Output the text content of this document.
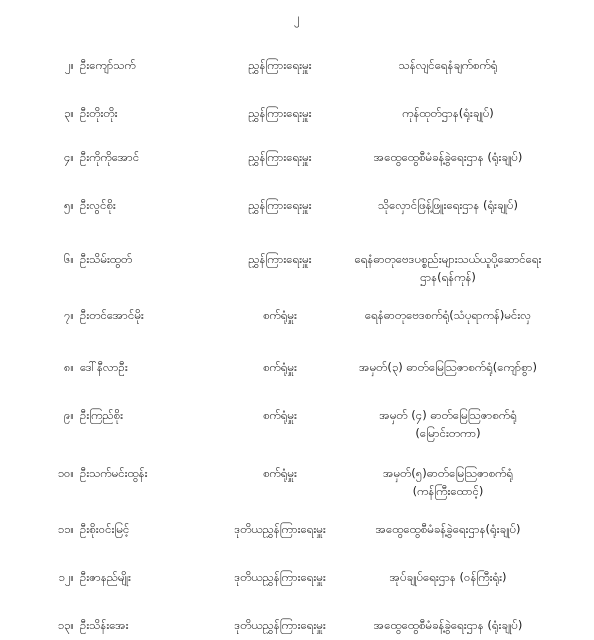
၂
၂။ ဦးကျော်သက်	ညွှန်ကြားရေးမှူး	သန်လျင်ရေနံချက်စက်ရုံ
၃။ ဦးတိုးတိုး	ညွှန်ကြားရေးမှူး	ကုန်ထုတ်ဌာန(ရုံးချုပ်)
၄။ ဦးကိုကိုအောင်	ညွှန်ကြားရေးမှူး	အထွေထွေစီမံခန့်ခွဲရေးဌာန (ရုံးချုပ်)
၅။ ဦးလွင်စိုး	ညွှန်ကြားရေးမှူး	သိုလှောင်ဖြန့်ဖြူးရေးဌာန (ရုံးချုပ်)
၆။ ဦးသိမ်းထွတ်	ညွှန်ကြားရေးမှူး	ရေနံဓာတုဗေဒပစ္စည်းများသယ်ယူပို့ဆောင်ရေး
ဌာန(ရန်ကုန်)
၇။ ဦးတင်အောင်မိုး	စက်ရုံမှူး	ရေနံဓာတုဗေဒစက်ရုံ(သံပုရာကန်)မင်းလှ
၈။ ဒေါ်နီလာဦး	စက်ရုံမှူး	အမှတ်(၃) ဓာတ်မြေဩဇာစက်ရုံ(ကျော်စွာ)
၉။ ဦးကြည်စိုး	စက်ရုံမှူး	အမှတ် (၄) ဓာတ်မြေဩဇာစက်ရုံ
(မြောင်းတကာ)
၁၀။ ဦးသက်မင်းထွန်း	စက်ရုံမှူး	အမှတ်(၅)ဓာတ်မြေဩဇာစက်ရုံ
(ကန်ကြီးထောင့်)
၁၁။ ဦးစိုးဝင်းမြင့်	ဒုတိယညွှန်ကြားရေးမှူး	အထွေထွေစီမံခန့်ခွဲရေးဌာန(ရုံးချုပ်)
၁၂။ ဦးဇာနည်မျိုး	ဒုတိယညွှန်ကြားရေးမှူး	အုပ်ချုပ်ရေးဌာန (ဝန်ကြီးရုံး)
၁၃။ ဦးသိန်းအေး	ဒုတိယညွှန်ကြားရေးမှူး	အထွေထွေစီမံခန့်ခွဲရေးဌာန (ရုံးချုပ်)
